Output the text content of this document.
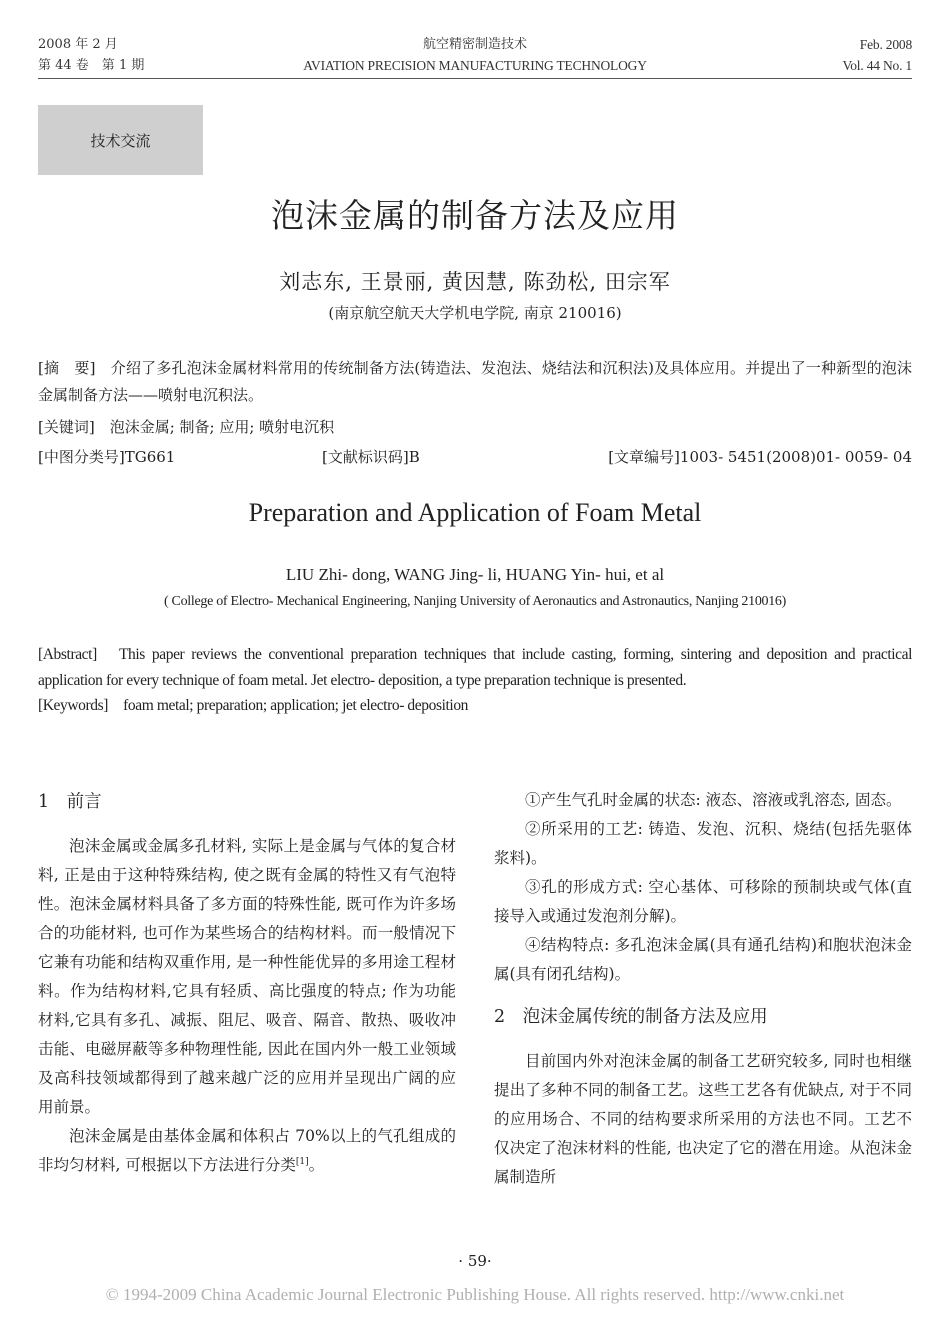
2008 年 2 月
第 44 卷　第 1 期
航空精密制造技术
AVIATION PRECISION MANUFACTURING TECHNOLOGY
Feb. 2008
Vol. 44 No. 1
技术交流
泡沫金属的制备方法及应用
刘志东, 王景丽, 黄因慧, 陈劲松, 田宗军
(南京航空航天大学机电学院, 南京 210016)
[摘　要]　介绍了多孔泡沫金属材料常用的传统制备方法(铸造法、发泡法、烧结法和沉积法)及具体应用。并提出了一种新型的泡沫金属制备方法——喷射电沉积法。
[关键词]　泡沫金属; 制备; 应用; 喷射电沉积
[中图分类号]TG661	[文献标识码]B	[文章编号]1003- 5451(2008)01- 0059- 04
Preparation and Application of Foam Metal
LIU Zhi- dong, WANG Jing- li, HUANG Yin- hui, et al
( College of Electro- Mechanical Engineering, Nanjing University of Aeronautics and Astronautics, Nanjing 210016)
[Abstract]　This paper reviews the conventional preparation techniques that include casting, forming, sintering and deposition and practical application for every technique of foam metal. Jet electro- deposition, a type preparation technique is presented.
[Keywords]　foam metal; preparation; application; jet electro- deposition
1　前言

泡沫金属或金属多孔材料, 实际上是金属与气体的复合材料, 正是由于这种特殊结构, 使之既有金属的特性又有气泡特性。泡沫金属材料具备了多方面的特殊性能, 既可作为许多场合的功能材料, 也可作为某些场合的结构材料。而一般情况下它兼有功能和结构双重作用, 是一种性能优异的多用途工程材料。作为结构材料,它具有轻质、高比强度的特点; 作为功能材料,它具有多孔、减振、阻尼、吸音、隔音、散热、吸收冲击能、电磁屏蔽等多种物理性能, 因此在国内外一般工业领域及高科技领域都得到了越来越广泛的应用并呈现出广阔的应用前景。

泡沫金属是由基体金属和体积占 70%以上的气孔组成的非均匀材料, 可根据以下方法进行分类[1]。

①产生气孔时金属的状态: 液态、溶液或乳溶态, 固态。

②所采用的工艺: 铸造、发泡、沉积、烧结(包括先驱体浆料)。

③孔的形成方式: 空心基体、可移除的预制块或气体(直接导入或通过发泡剂分解)。

④结构特点: 多孔泡沫金属(具有通孔结构)和胞状泡沫金属(具有闭孔结构)。

2　泡沫金属传统的制备方法及应用

目前国内外对泡沫金属的制备工艺研究较多, 同时也相继提出了多种不同的制备工艺。这些工艺各有优缺点, 对于不同的应用场合、不同的结构要求所采用的方法也不同。工艺不仅决定了泡沫材料的性能, 也决定了它的潜在用途。从泡沫金属制造所

· 59·
© 1994-2009 China Academic Journal Electronic Publishing House. All rights reserved. http://www.cnki.net
